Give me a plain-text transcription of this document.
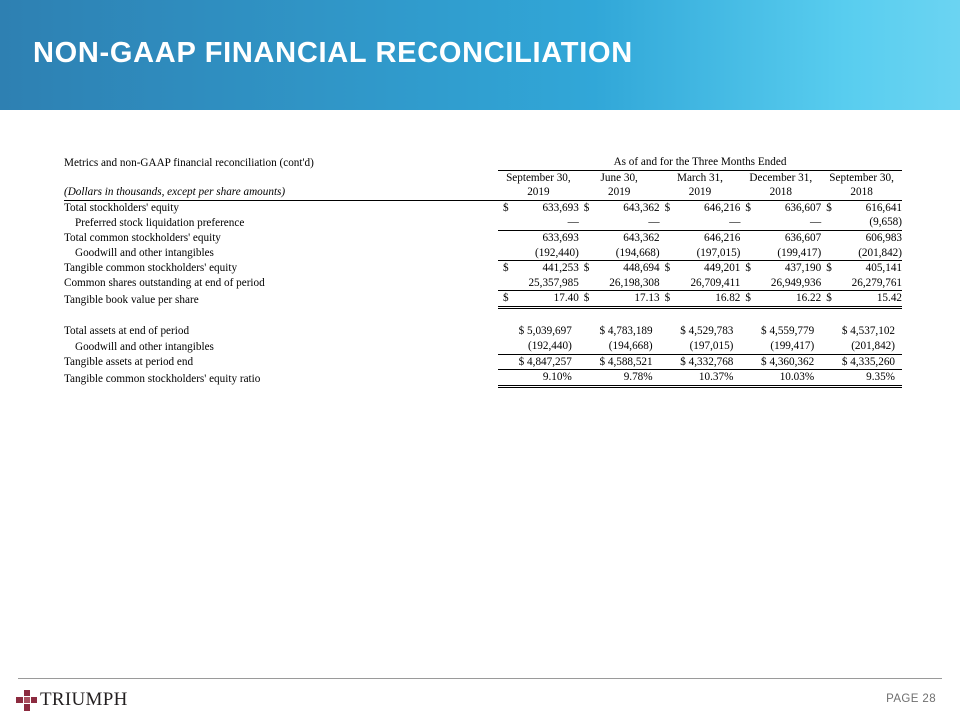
NON-GAAP FINANCIAL RECONCILIATION
Metrics and non-GAAP financial reconciliation (cont'd)	As of and for the Three Months Ended				
	September 30,	June 30,	March 31,	December 31,	September 30,
(Dollars in thousands, except per share amounts)	2019	2019	2019	2018	2018
Total stockholders' equity	$ 633,693	$ 643,362	$ 646,216	$ 636,607	$ 616,641
Preferred stock liquidation preference	—	—	—	—	(9,658)
Total common stockholders' equity	633,693	643,362	646,216	636,607	606,983
Goodwill and other intangibles	(192,440)	(194,668)	(197,015)	(199,417)	(201,842)
Tangible common stockholders' equity	$ 441,253	$ 448,694	$ 449,201	$ 437,190	$ 405,141
Common shares outstanding at end of period	25,357,985	26,198,308	26,709,411	26,949,936	26,279,761
Tangible book value per share	$ 17.40	$ 17.13	$ 16.82	$ 16.22	$ 15.42

Total assets at end of period	$ 5,039,697	$ 4,783,189	$ 4,529,783	$ 4,559,779	$ 4,537,102
Goodwill and other intangibles	(192,440)	(194,668)	(197,015)	(199,417)	(201,842)
Tangible assets at period end	$ 4,847,257	$ 4,588,521	$ 4,332,768	$ 4,360,362	$ 4,335,260
Tangible common stockholders' equity ratio	9.10%	9.78%	10.37%	10.03%	9.35%
TRIUMPH	PAGE 28
